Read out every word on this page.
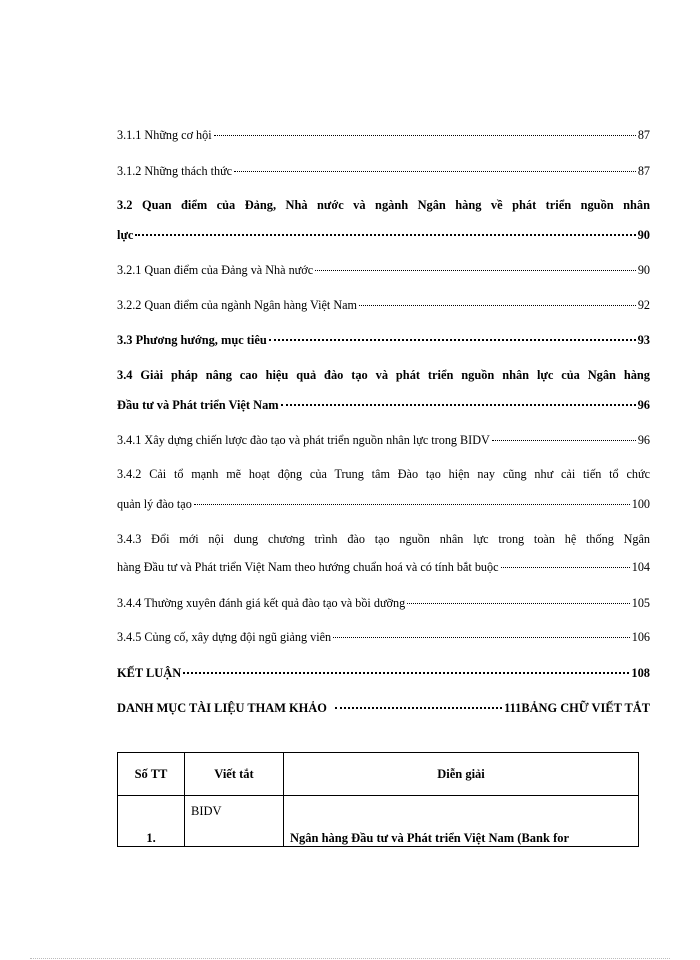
3.1.1 Những cơ hội	87
3.1.2 Những thách thức	87
3.2 Quan điểm của Đảng, Nhà nước và ngành Ngân hàng về phát triển nguồn nhân
lực	90
3.2.1 Quan điểm của Đảng và Nhà nước	90
3.2.2 Quan điểm của ngành Ngân hàng Việt Nam	92
3.3 Phương hướng, mục tiêu	93
3.4 Giải pháp nâng cao hiệu quả đào tạo và phát triển nguồn nhân lực của Ngân hàng
Đầu tư và Phát triển Việt Nam	96
3.4.1 Xây dựng chiến lược đào tạo và phát triển nguồn nhân lực trong BIDV	96
3.4.2 Cải tổ mạnh mẽ hoạt động của Trung tâm Đào tạo hiện nay cũng như cải tiến tổ chức
quản lý đào tạo	100
3.4.3 Đổi mới nội dung chương trình đào tạo nguồn nhân lực trong toàn hệ thống Ngân
hàng Đầu tư và Phát triển Việt Nam theo hướng chuẩn hoá và có tính bắt buộc	104
3.4.4 Thường xuyên đánh giá kết quả đào tạo và bồi dưỡng	105
3.4.5 Củng cố, xây dựng đội ngũ giảng viên	106
KẾT LUẬN	108
DANH MỤC TÀI LIỆU THAM KHẢO	111BẢNG CHỮ VIẾT TẮT
Số TT	Viết tắt	Diễn giải
1.	BIDV	Ngân hàng Đầu tư và Phát triển Việt Nam (Bank for
